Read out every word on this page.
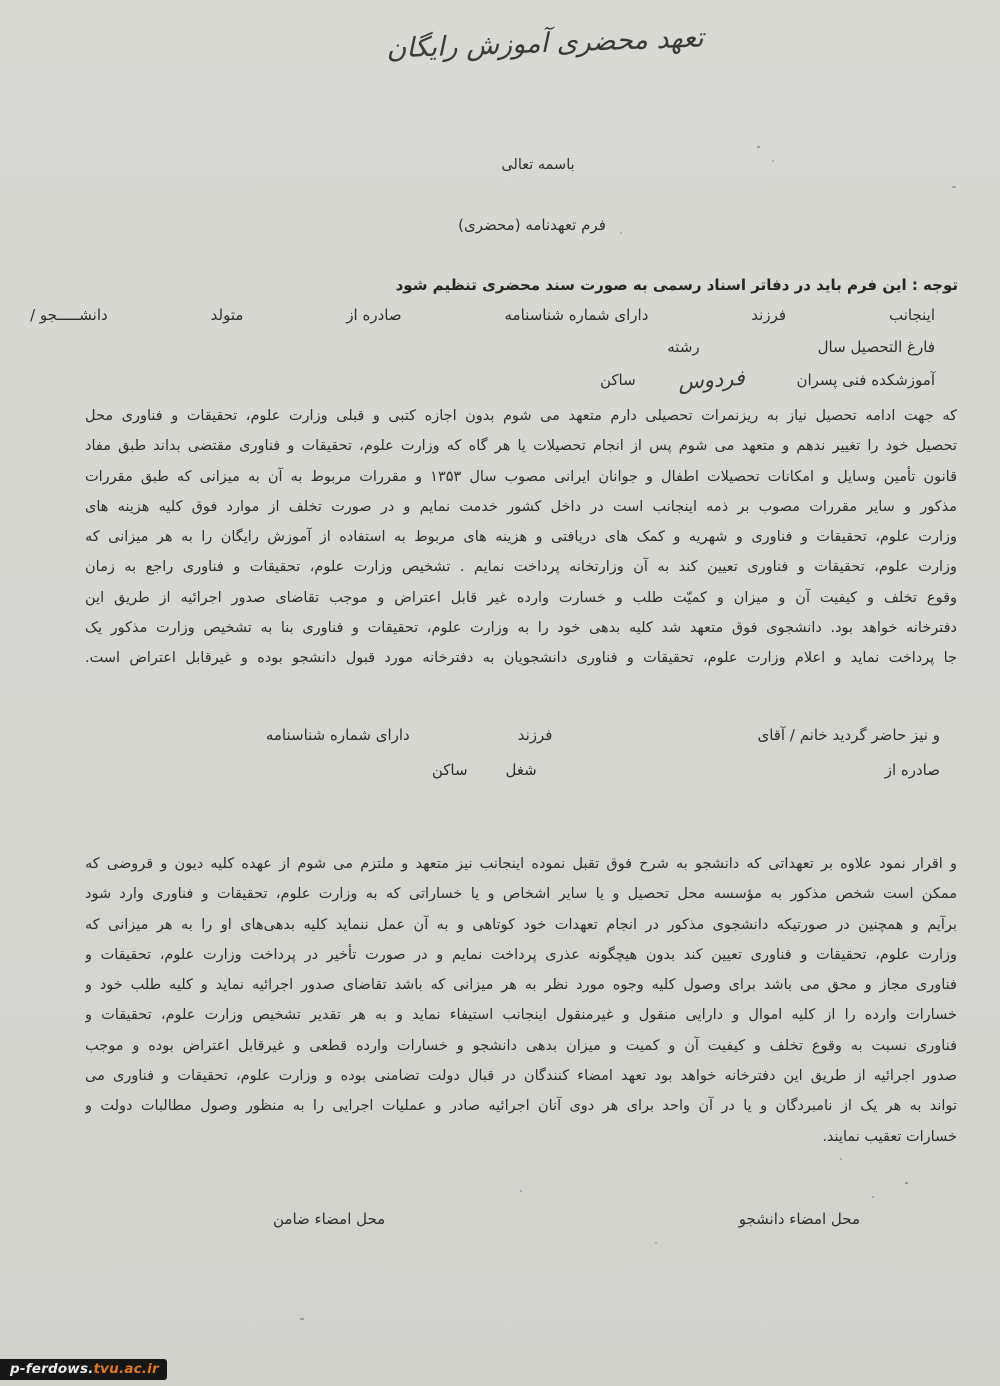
تعهد محضری آموزش رایگان
باسمه تعالی
فرم تعهدنامه (محضری)
توجه : این فرم باید در دفاتر اسناد رسمی به صورت سند محضری تنظیم شود
اینجانب
فرزند
دارای شماره شناسنامه
صادره از
متولد
دانشـــــجو /
فارغ التحصیل سال
رشته
آموزشکده فنی پسران
فردوس
ساکن
که جهت ادامه تحصیل نیاز به ریزنمرات تحصیلی دارم متعهد می شوم بدون اجازه کتبی و قبلی وزارت علوم، تحقیقات و فناوری محل
تحصیل خود را تغییر ندهم و متعهد می شوم پس از انجام تحصیلات یا هر گاه که وزارت علوم، تحقیقات و فناوری مقتضی بداند طبق مفاد
قانون تأمین وسایل و امکانات تحصیلات اطفال و جوانان ایرانی مصوب سال ۱۳۵۳ و مقررات مربوط به آن به میزانی که طبق مقررات
مذکور و سایر مقررات مصوب بر ذمه اینجانب است در داخل کشور خدمت نمایم و در صورت تخلف از موارد فوق کلیه هزینه های
وزارت علوم، تحقیقات و فناوری و شهریه و کمک های دریافتی و هزینه های مربوط به استفاده از آموزش رایگان را به هر میزانی که
وزارت علوم، تحقیقات و فناوری تعیین کند به آن وزارتخانه پرداخت نمایم . تشخیص وزارت علوم، تحقیقات و فناوری راجع به زمان
وقوع تخلف و کیفیت آن و میزان و کمیّت طلب و خسارت وارده غیر قابل اعتراض و موجب تقاضای صدور اجرائیه از طریق این
دفترخانه خواهد بود. دانشجوی فوق متعهد شد کلیه بدهی خود را به وزارت علوم، تحقیقات و فناوری بنا به تشخیص وزارت مذکور یک
جا پرداخت نماید و اعلام وزارت علوم، تحقیقات و فناوری دانشجویان به دفترخانه مورد قبول دانشجو بوده و غیرقابل اعتراض است.
و نیز حاضر گردید خانم / آقای
فرزند
دارای شماره شناسنامه
صادره از
شغل
ساکن
و اقرار نمود علاوه بر تعهداتی که دانشجو به شرح فوق تقبل نموده اینجانب نیز متعهد و ملتزم می شوم از عهده کلیه دیون و قروضی که
ممکن است شخص مذکور به مؤسسه محل تحصیل و یا سایر اشخاص و یا خساراتی که به وزارت علوم، تحقیقات و فناوری وارد شود
برآیم و همچنین در صورتیکه دانشجوی مذکور در انجام تعهدات خود کوتاهی و به آن عمل ننماید کلیه بدهی‌های او را به هر میزانی که
وزارت علوم، تحقیقات و فناوری تعیین کند بدون هیچگونه عذری پرداخت نمایم و در صورت تأخیر در پرداخت وزارت علوم، تحقیقات و
فناوری مجاز و محق می باشد برای وصول کلیه وجوه مورد نظر به هر میزانی که باشد تقاضای صدور اجرائیه نماید و کلیه طلب خود و
خسارات وارده را از کلیه اموال و دارایی منقول و غیرمنقول اینجانب استیفاء نماید و به هر تقدیر تشخیص وزارت علوم، تحقیقات و
فناوری نسبت به وقوع تخلف و کیفیت آن و کمیت و میزان بدهی دانشجو و خسارات وارده قطعی و غیرقابل اعتراض بوده و موجب
صدور اجرائیه از طریق این دفترخانه خواهد بود تعهد امضاء کنندگان در قبال دولت تضامنی بوده و وزارت علوم، تحقیقات و فناوری می
تواند به هر یک از نامبردگان و یا در آن واحد برای هر دوی آنان اجرائیه صادر و عملیات اجرایی را به منظور وصول مطالبات دولت و
خسارات تعقیب نمایند.
محل امضاء دانشجو
محل امضاء ضامن
p-ferdows.tvu.ac.ir
